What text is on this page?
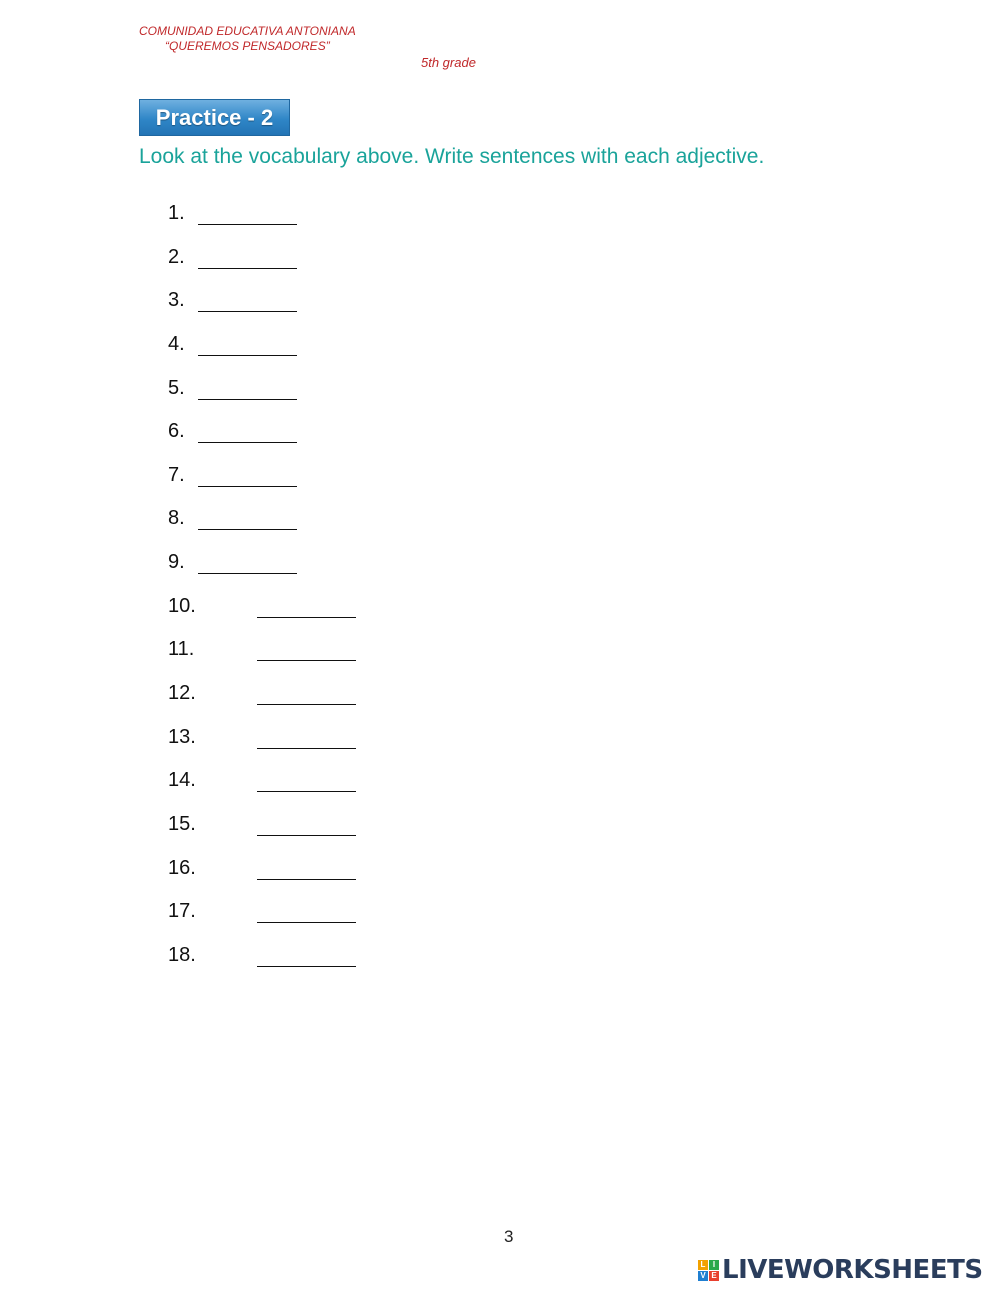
COMUNIDAD EDUCATIVA ANTONIANA
“QUEREMOS PENSADORES”
5th grade
Practice - 2
Look at the vocabulary above. Write sentences with each adjective.
1.
2.
3.
4.
5.
6.
7.
8.
9.
10.
11.
12.
13.
14.
15.
16.
17.
18.
3
L I
V E LIVEWORKSHEETS
